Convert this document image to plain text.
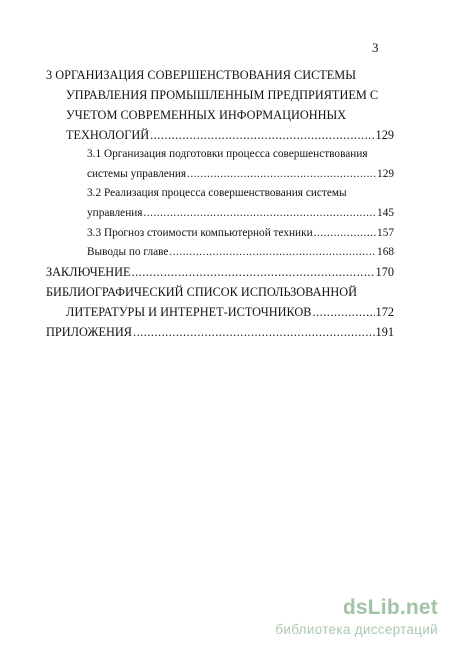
3
3 ОРГАНИЗАЦИЯ СОВЕРШЕНСТВОВАНИЯ СИСТЕМЫ
УПРАВЛЕНИЯ ПРОМЫШЛЕННЫМ ПРЕДПРИЯТИЕМ С
УЧЕТОМ СОВРЕМЕННЫХ ИНФОРМАЦИОННЫХ
ТЕХНОЛОГИЙ .....	129
3.1 Организация подготовки процесса совершенствования
системы управления .....	129
3.2 Реализация процесса совершенствования системы
управления .....	145
3.3 Прогноз стоимости компьютерной техники .....	157
Выводы по главе .....	168
ЗАКЛЮЧЕНИЕ .....	170
БИБЛИОГРАФИЧЕСКИЙ СПИСОК ИСПОЛЬЗОВАННОЙ
ЛИТЕРАТУРЫ И ИНТЕРНЕТ-ИСТОЧНИКОВ .....	172
ПРИЛОЖЕНИЯ .....	191
dsLib.net
библиотека диссертаций
